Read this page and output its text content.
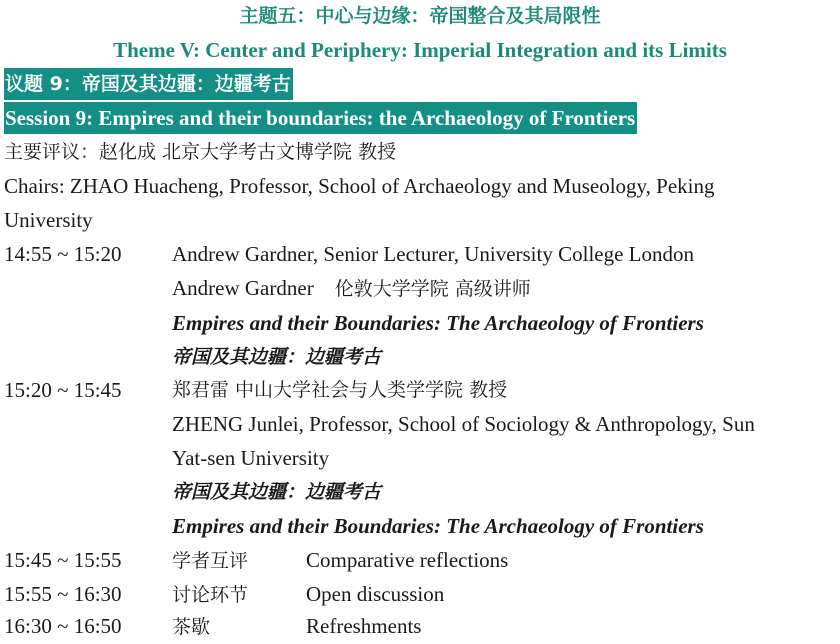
主题五：中心与边缘：帝国整合及其局限性
Theme V: Center and Periphery: Imperial Integration and its Limits
议题 9：帝国及其边疆：边疆考古
Session 9: Empires and their boundaries: the Archaeology of Frontiers
主要评议：赵化成 北京大学考古文博学院 教授
Chairs: ZHAO Huacheng, Professor, School of Archaeology and Museology, Peking
University
14:55 ~ 15:20	Andrew Gardner, Senior Lecturer, University College London
Andrew Gardner 伦敦大学学院 高级讲师
Empires and their Boundaries: The Archaeology of Frontiers
帝国及其边疆：边疆考古
15:20 ~ 15:45	郑君雷 中山大学社会与人类学学院 教授
ZHENG Junlei, Professor, School of Sociology & Anthropology, Sun
Yat-sen University
帝国及其边疆：边疆考古
Empires and their Boundaries: The Archaeology of Frontiers
15:45 ~ 15:55	学者互评	Comparative reflections
15:55 ~ 16:30	讨论环节	Open discussion
16:30 ~ 16:50	茶歇	Refreshments
